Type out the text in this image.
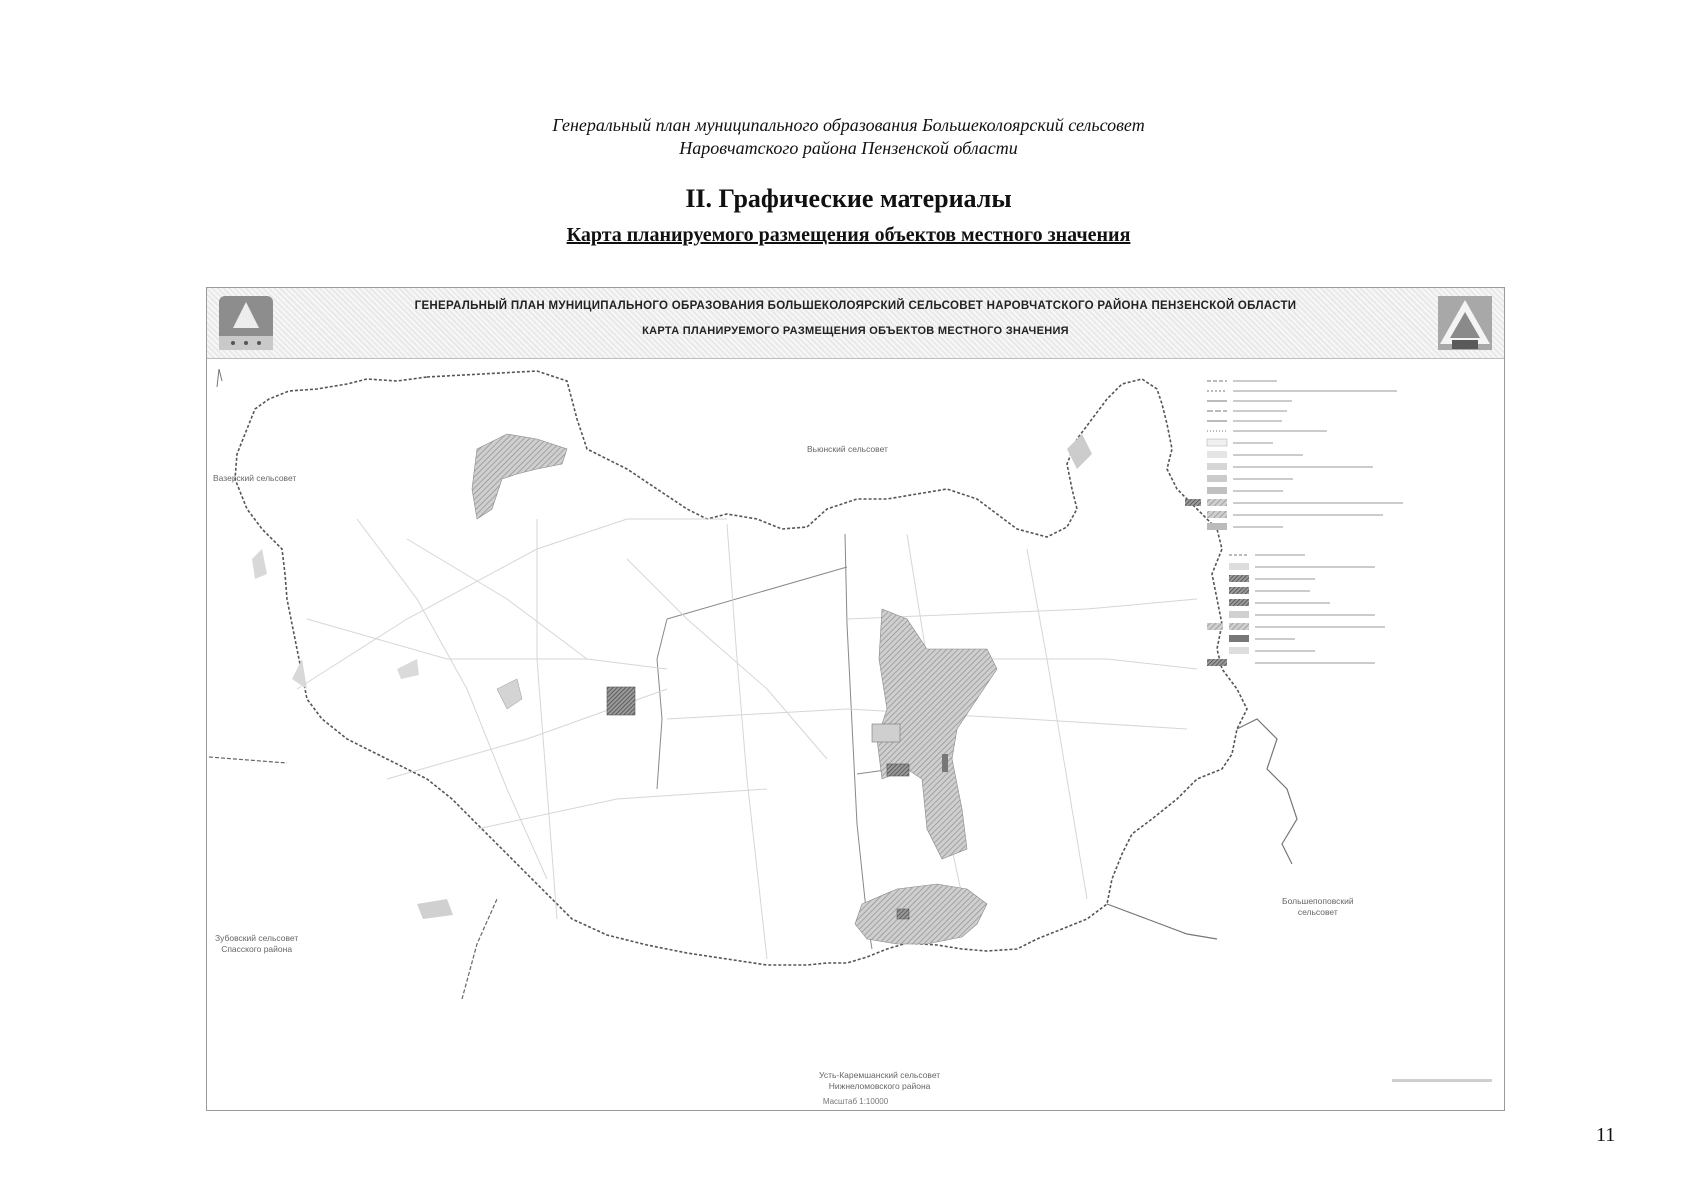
Генеральный план муниципального образования Большеколоярский сельсовет
Наровчатского района Пензенской области
II. Графические материалы
Карта планируемого размещения объектов местного значения
ГЕНЕРАЛЬНЫЙ ПЛАН МУНИЦИПАЛЬНОГО ОБРАЗОВАНИЯ БОЛЬШЕКОЛОЯРСКИЙ СЕЛЬСОВЕТ НАРОВЧАТСКОГО РАЙОНА ПЕНЗЕНСКОЙ ОБЛАСТИ
КАРТА ПЛАНИРУЕМОГО РАЗМЕЩЕНИЯ ОБЪЕКТОВ МЕСТНОГО ЗНАЧЕНИЯ
Вьюнский сельсовет
Вазерский сельсовет
Зубовский сельсовет
Спасского района
Большепоповский
сельсовет
Усть-Каремшанский сельсовет
Нижнеломовского района
Масштаб 1:10000
11
